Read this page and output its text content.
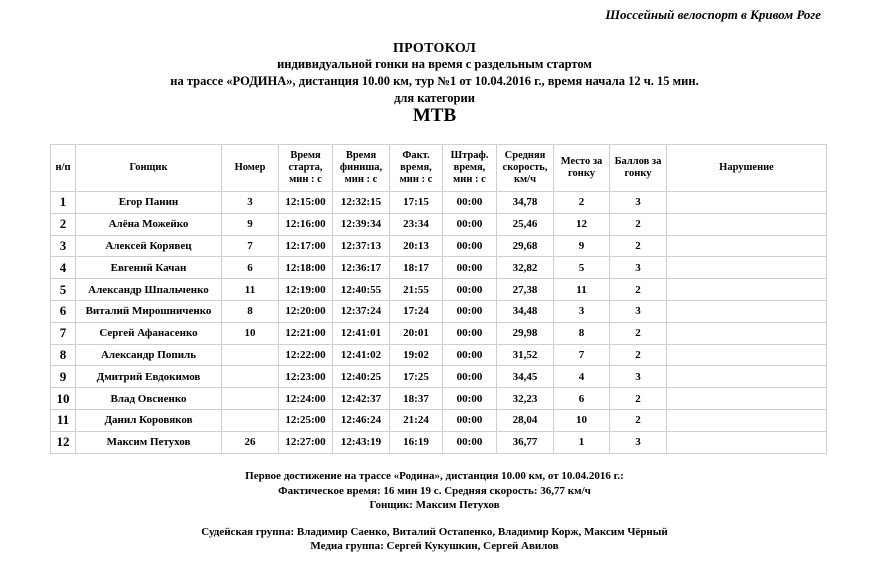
Шоссейный велоспорт в Кривом Роге
ПРОТОКОЛ
индивидуальной гонки на время с раздельным стартом
на трассе «РОДИНА», дистанция 10.00 км, тур №1 от 10.04.2016 г., время начала 12 ч. 15 мин.
для категории
МТВ
н/п	Гонщик	Номер	Время старта, мин : с	Время финиша, мин : с	Факт. время, мин : с	Штраф. время, мин : с	Средняя скорость, км/ч	Место за гонку	Баллов за гонку	Нарушение
1	Егор Панин	3	12:15:00	12:32:15	17:15	00:00	34,78	2	3	
2	Алёна Можейко	9	12:16:00	12:39:34	23:34	00:00	25,46	12	2	
3	Алексей Корявец	7	12:17:00	12:37:13	20:13	00:00	29,68	9	2	
4	Евгений Качан	6	12:18:00	12:36:17	18:17	00:00	32,82	5	3	
5	Александр Шпальченко	11	12:19:00	12:40:55	21:55	00:00	27,38	11	2	
6	Виталий Мирошниченко	8	12:20:00	12:37:24	17:24	00:00	34,48	3	3	
7	Сергей Афанасенко	10	12:21:00	12:41:01	20:01	00:00	29,98	8	2	
8	Александр Попиль		12:22:00	12:41:02	19:02	00:00	31,52	7	2	
9	Дмитрий Евдокимов		12:23:00	12:40:25	17:25	00:00	34,45	4	3	
10	Влад Овсиенко		12:24:00	12:42:37	18:37	00:00	32,23	6	2	
11	Данил Коровяков		12:25:00	12:46:24	21:24	00:00	28,04	10	2	
12	Максим Петухов	26	12:27:00	12:43:19	16:19	00:00	36,77	1	3	
Первое достижение на трассе «Родина», дистанция 10.00 км, от 10.04.2016 г.:
Фактическое время: 16 мин 19 с. Средняя скорость: 36,77 км/ч
Гонщик: Максим Петухов
Судейская группа: Владимир Саенко, Виталий Остапенко, Владимир Корж, Максим Чёрный
Медиа группа: Сергей Кукушкин, Сергей Авилов
